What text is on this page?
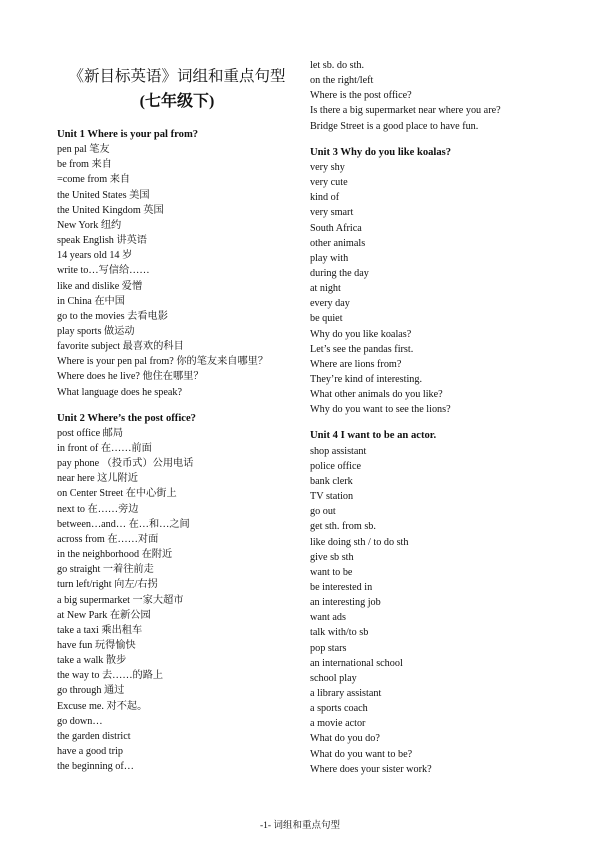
《新目标英语》词组和重点句型
(七年级下)
Unit 1 Where is your pal from?
pen pal 笔友
be from 来自
=come from 来自
the United States 美国
the United Kingdom 英国
New York 纽约
speak English 讲英语
14 years old 14 岁
write to…写信给……
like and dislike 爱憎
in China 在中国
go to the movies 去看电影
play sports 做运动
favorite subject 最喜欢的科目
Where is your pen pal from? 你的笔友来自哪里？
Where does he live? 他住在哪里？
What language does he speak?
Unit 2 Where’s the post office?
post office 邮局
in front of 在……前面
pay phone （投币式）公用电话
near here 这儿附近
on Center Street 在中心街上
next to 在……旁边
between…and… 在…和…之间
across from 在……对面
in the neighborhood 在附近
go straight 一着往前走
turn left/right 向左/右拐
a big supermarket 一家大超市
at New Park 在新公园
take a taxi 乘出租车
have fun 玩得愉快
take a walk 散步
the way to 去……的路上
go through 通过
Excuse me. 对不起。
go down…
the garden district
have a good trip
the beginning of…
let sb. do sth.
on the right/left
Where is the post office?
Is there a big supermarket near where you are?
Bridge Street is a good place to have fun.
Unit 3 Why do you like koalas?
very shy
very cute
kind of
very smart
South Africa
other animals
play with
during the day
at night
every day
be quiet
Why do you like koalas?
Let’s see the pandas first.
Where are lions from?
They’re kind of interesting.
What other animals do you like?
Why do you want to see the lions?
Unit 4 I want to be an actor.
shop assistant
police office
bank clerk
TV station
go out
get sth. from sb.
like doing sth / to do sth
give sb sth
want to be
be interested in
an interesting job
want ads
talk with/to sb
pop stars
an international school
school play
a library assistant
a sports coach
a movie actor
What do you do?
What do you want to be?
Where does your sister work?
-1- 词组和重点句型
